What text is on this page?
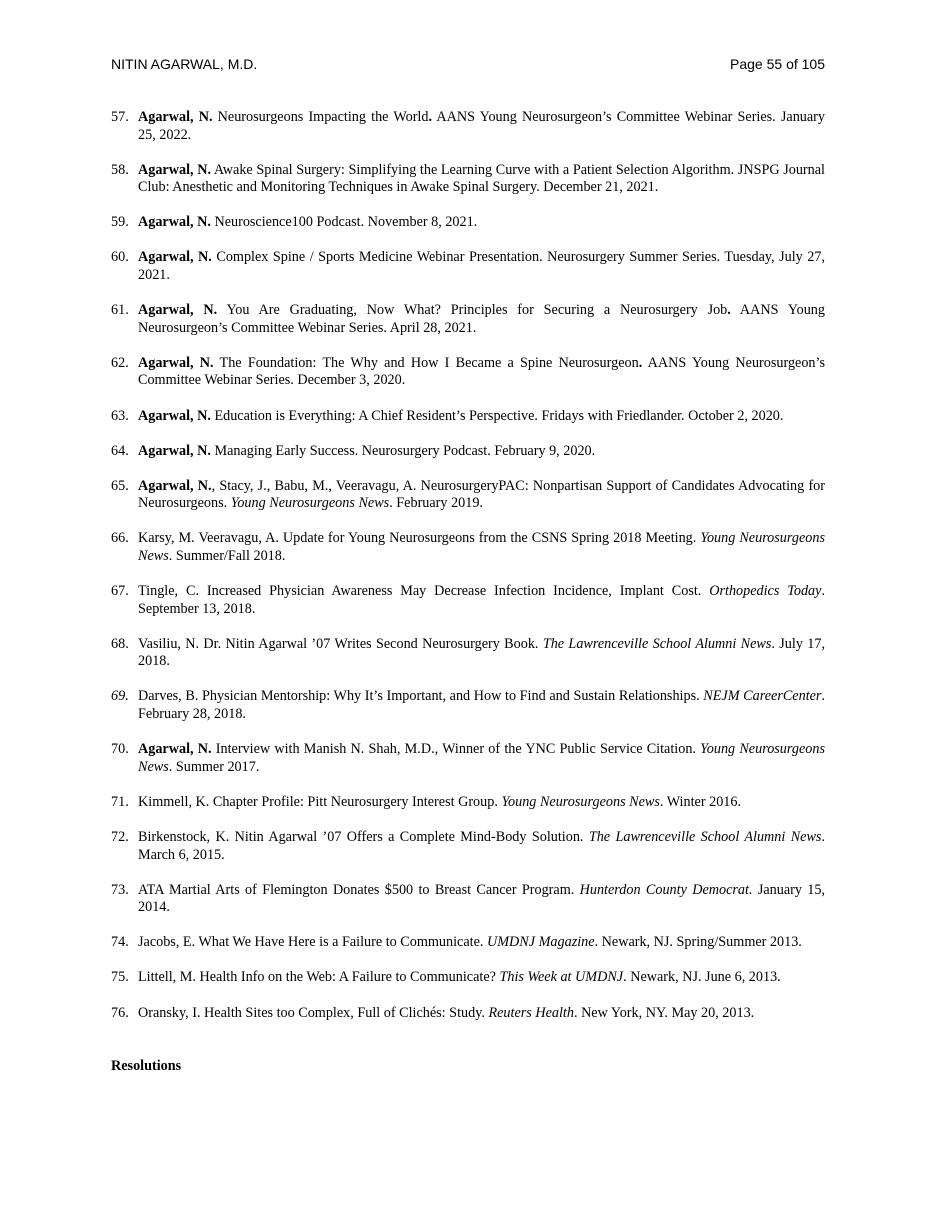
NITIN AGARWAL, M.D.	Page 55 of 105
57. Agarwal, N. Neurosurgeons Impacting the World. AANS Young Neurosurgeon’s Committee Webinar Series. January 25, 2022.
58. Agarwal, N. Awake Spinal Surgery: Simplifying the Learning Curve with a Patient Selection Algorithm. JNSPG Journal Club: Anesthetic and Monitoring Techniques in Awake Spinal Surgery. December 21, 2021.
59. Agarwal, N. Neuroscience100 Podcast. November 8, 2021.
60. Agarwal, N. Complex Spine / Sports Medicine Webinar Presentation. Neurosurgery Summer Series. Tuesday, July 27, 2021.
61. Agarwal, N. You Are Graduating, Now What? Principles for Securing a Neurosurgery Job. AANS Young Neurosurgeon’s Committee Webinar Series. April 28, 2021.
62. Agarwal, N. The Foundation: The Why and How I Became a Spine Neurosurgeon. AANS Young Neurosurgeon’s Committee Webinar Series. December 3, 2020.
63. Agarwal, N. Education is Everything: A Chief Resident’s Perspective. Fridays with Friedlander. October 2, 2020.
64. Agarwal, N. Managing Early Success. Neurosurgery Podcast. February 9, 2020.
65. Agarwal, N., Stacy, J., Babu, M., Veeravagu, A. NeurosurgeryPAC: Nonpartisan Support of Candidates Advocating for Neurosurgeons. Young Neurosurgeons News. February 2019.
66. Karsy, M. Veeravagu, A. Update for Young Neurosurgeons from the CSNS Spring 2018 Meeting. Young Neurosurgeons News. Summer/Fall 2018.
67. Tingle, C. Increased Physician Awareness May Decrease Infection Incidence, Implant Cost. Orthopedics Today. September 13, 2018.
68. Vasiliu, N. Dr. Nitin Agarwal ’07 Writes Second Neurosurgery Book. The Lawrenceville School Alumni News. July 17, 2018.
69. Darves, B. Physician Mentorship: Why It’s Important, and How to Find and Sustain Relationships. NEJM CareerCenter. February 28, 2018.
70. Agarwal, N. Interview with Manish N. Shah, M.D., Winner of the YNC Public Service Citation. Young Neurosurgeons News. Summer 2017.
71. Kimmell, K. Chapter Profile: Pitt Neurosurgery Interest Group. Young Neurosurgeons News. Winter 2016.
72. Birkenstock, K. Nitin Agarwal ’07 Offers a Complete Mind-Body Solution. The Lawrenceville School Alumni News. March 6, 2015.
73. ATA Martial Arts of Flemington Donates $500 to Breast Cancer Program. Hunterdon County Democrat. January 15, 2014.
74. Jacobs, E. What We Have Here is a Failure to Communicate. UMDNJ Magazine. Newark, NJ. Spring/Summer 2013.
75. Littell, M. Health Info on the Web: A Failure to Communicate? This Week at UMDNJ. Newark, NJ. June 6, 2013.
76. Oransky, I. Health Sites too Complex, Full of Clichés: Study. Reuters Health. New York, NY. May 20, 2013.
Resolutions
